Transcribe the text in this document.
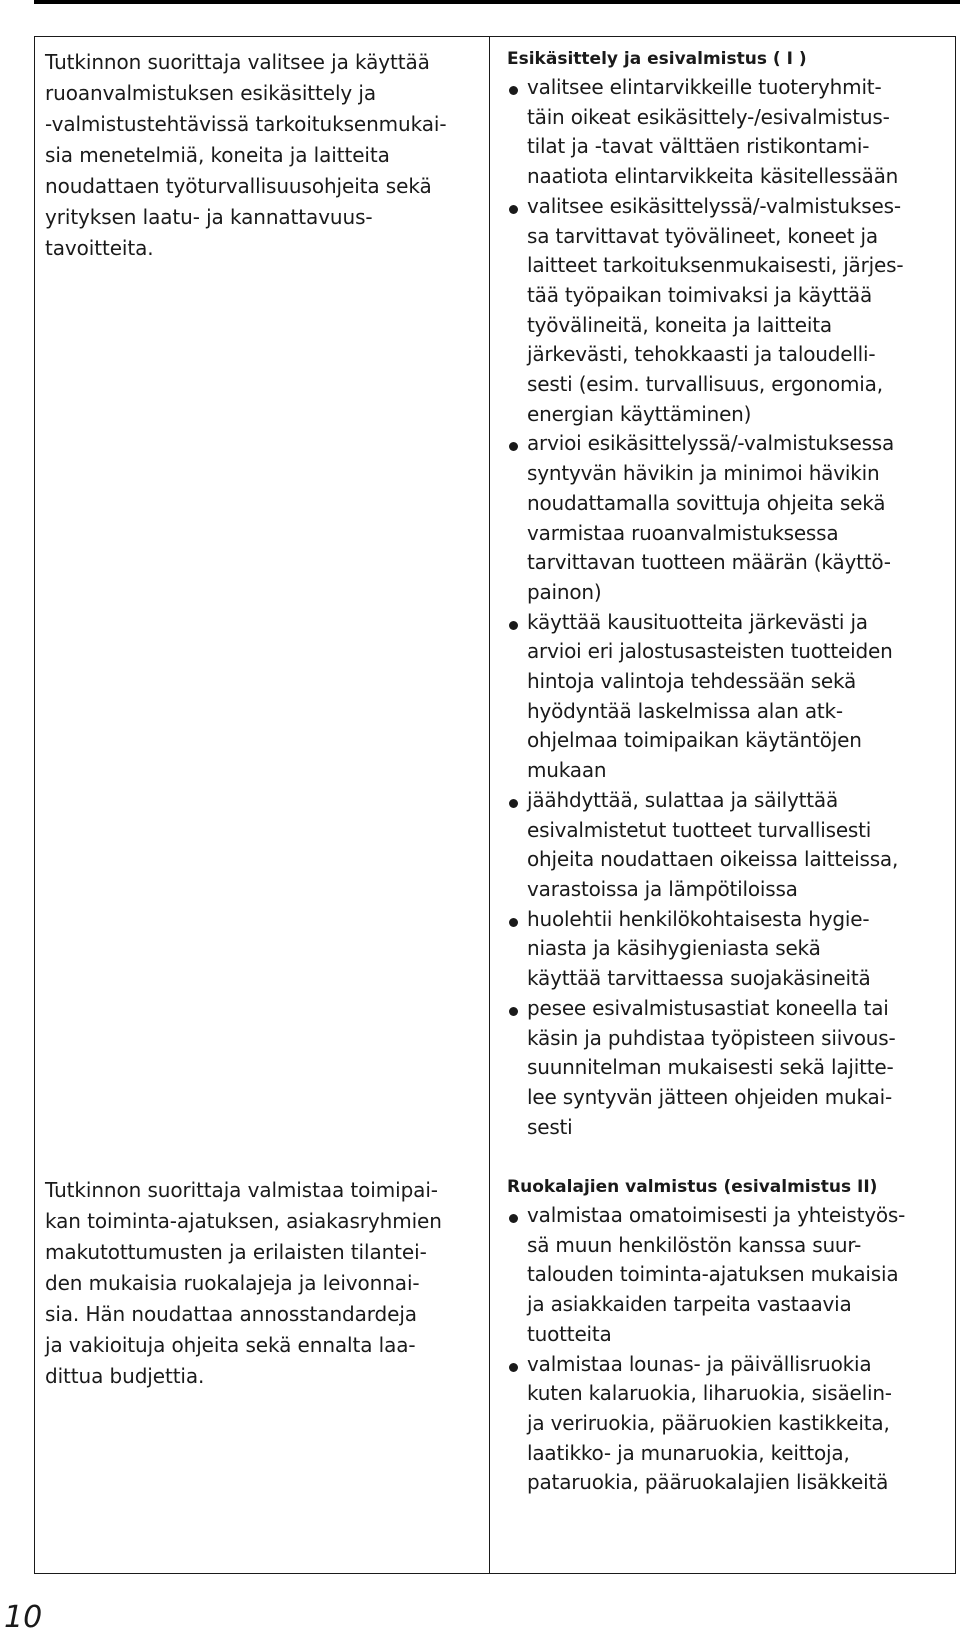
Tutkinnon suorittaja valitsee ja käyttää
ruoanvalmistuksen esikäsittely ja
-valmistustehtävissä tarkoituksenmukai-
sia menetelmiä, koneita ja laitteita
noudattaen työturvallisuusohjeita sekä
yrityksen laatu- ja kannattavuus-
tavoitteita.

Tutkinnon suorittaja valmistaa toimipai-
kan toiminta-ajatuksen, asiakasryhmien
makutottumusten ja erilaisten tilantei-
den mukaisia ruokalajeja ja leivonnai-
sia. Hän noudattaa annosstandardeja
ja vakioituja ohjeita sekä ennalta laa-
dittua budjettia.

Esikäsittely ja esivalmistus ( I )
valitsee elintarvikkeille tuoteryhmit-
täin oikeat esikäsittely-/esivalmistus-
tilat ja -tavat välttäen ristikontami-
naatiota elintarvikkeita käsitellessään
valitsee esikäsittelyssä/-valmistukses-
sa tarvittavat työvälineet, koneet ja
laitteet tarkoituksenmukaisesti, järjes-
tää työpaikan toimivaksi ja käyttää
työvälineitä, koneita ja laitteita
järkevästi, tehokkaasti ja taloudelli-
sesti (esim. turvallisuus, ergonomia,
energian käyttäminen)
arvioi esikäsittelyssä/-valmistuksessa
syntyvän hävikin ja minimoi hävikin
noudattamalla sovittuja ohjeita sekä
varmistaa ruoanvalmistuksessa
tarvittavan tuotteen määrän (käyttö-
painon)
käyttää kausituotteita järkevästi ja
arvioi eri jalostusasteisten tuotteiden
hintoja valintoja tehdessään sekä
hyödyntää laskelmissa alan atk-
ohjelmaa toimipaikan käytäntöjen
mukaan
jäähdyttää, sulattaa ja säilyttää
esivalmistetut tuotteet turvallisesti
ohjeita noudattaen oikeissa laitteissa,
varastoissa ja lämpötiloissa
huolehtii henkilökohtaisesta hygie-
niasta ja käsihygieniasta sekä
käyttää tarvittaessa suojakäsineitä
pesee esivalmistusastiat koneella tai
käsin ja puhdistaa työpisteen siivous-
suunnitelman mukaisesti sekä lajitte-
lee syntyvän jätteen ohjeiden mukai-
sesti
Ruokalajien valmistus (esivalmistus II)
valmistaa omatoimisesti ja yhteistyös-
sä muun henkilöstön kanssa suur-
talouden toiminta-ajatuksen mukaisia
ja asiakkaiden tarpeita vastaavia
tuotteita
valmistaa lounas- ja päivällisruokia
kuten kalaruokia, liharuokia, sisäelin-
ja veriruokia, pääruokien kastikkeita,
laatikko- ja munaruokia, keittoja,
pataruokia, pääruokalajien lisäkkeitä
10
